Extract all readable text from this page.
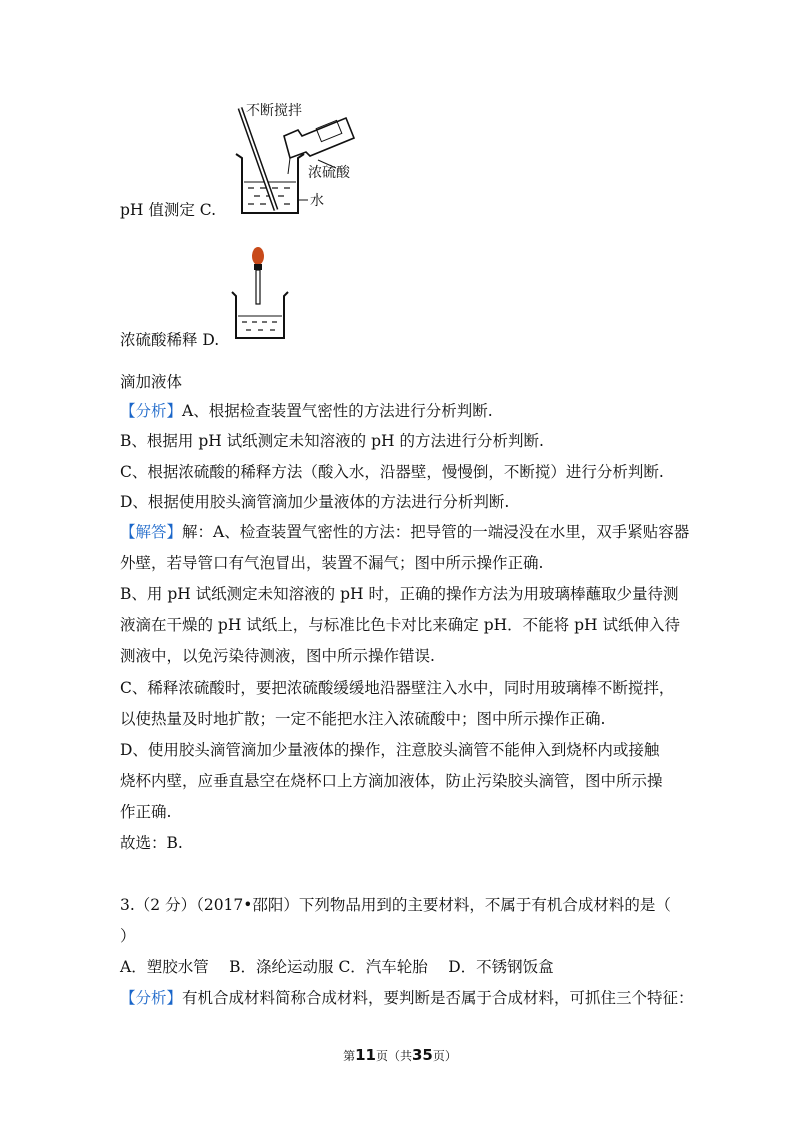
不断搅拌
浓硫酸
水
pH 值测定 C.
浓硫酸稀释 D.
滴加液体
【分析】A、根据检查装置气密性的方法进行分析判断.
B、根据用 pH 试纸测定未知溶液的 pH 的方法进行分析判断.
C、根据浓硫酸的稀释方法（酸入水，沿器壁，慢慢倒，不断搅）进行分析判断.
D、根据使用胶头滴管滴加少量液体的方法进行分析判断.
【解答】解：A、检查装置气密性的方法：把导管的一端浸没在水里，双手紧贴容器
外壁，若导管口有气泡冒出，装置不漏气；图中所示操作正确.
B、用 pH 试纸测定未知溶液的 pH 时，正确的操作方法为用玻璃棒蘸取少量待测
液滴在干燥的 pH 试纸上，与标准比色卡对比来确定 pH．不能将 pH 试纸伸入待
测液中，以免污染待测液，图中所示操作错误.
C、稀释浓硫酸时，要把浓硫酸缓缓地沿器壁注入水中，同时用玻璃棒不断搅拌，
以使热量及时地扩散；一定不能把水注入浓硫酸中；图中所示操作正确.
D、使用胶头滴管滴加少量液体的操作，注意胶头滴管不能伸入到烧杯内或接触
烧杯内壁，应垂直悬空在烧杯口上方滴加液体，防止污染胶头滴管，图中所示操
作正确.
故选：B.
3.（2 分）（2017•邵阳）下列物品用到的主要材料，不属于有机合成材料的是（
）
A．塑胶水管　 B．涤纶运动服 C．汽车轮胎　 D．不锈钢饭盒
【分析】有机合成材料简称合成材料，要判断是否属于合成材料，可抓住三个特征：
第11页（共35页）
